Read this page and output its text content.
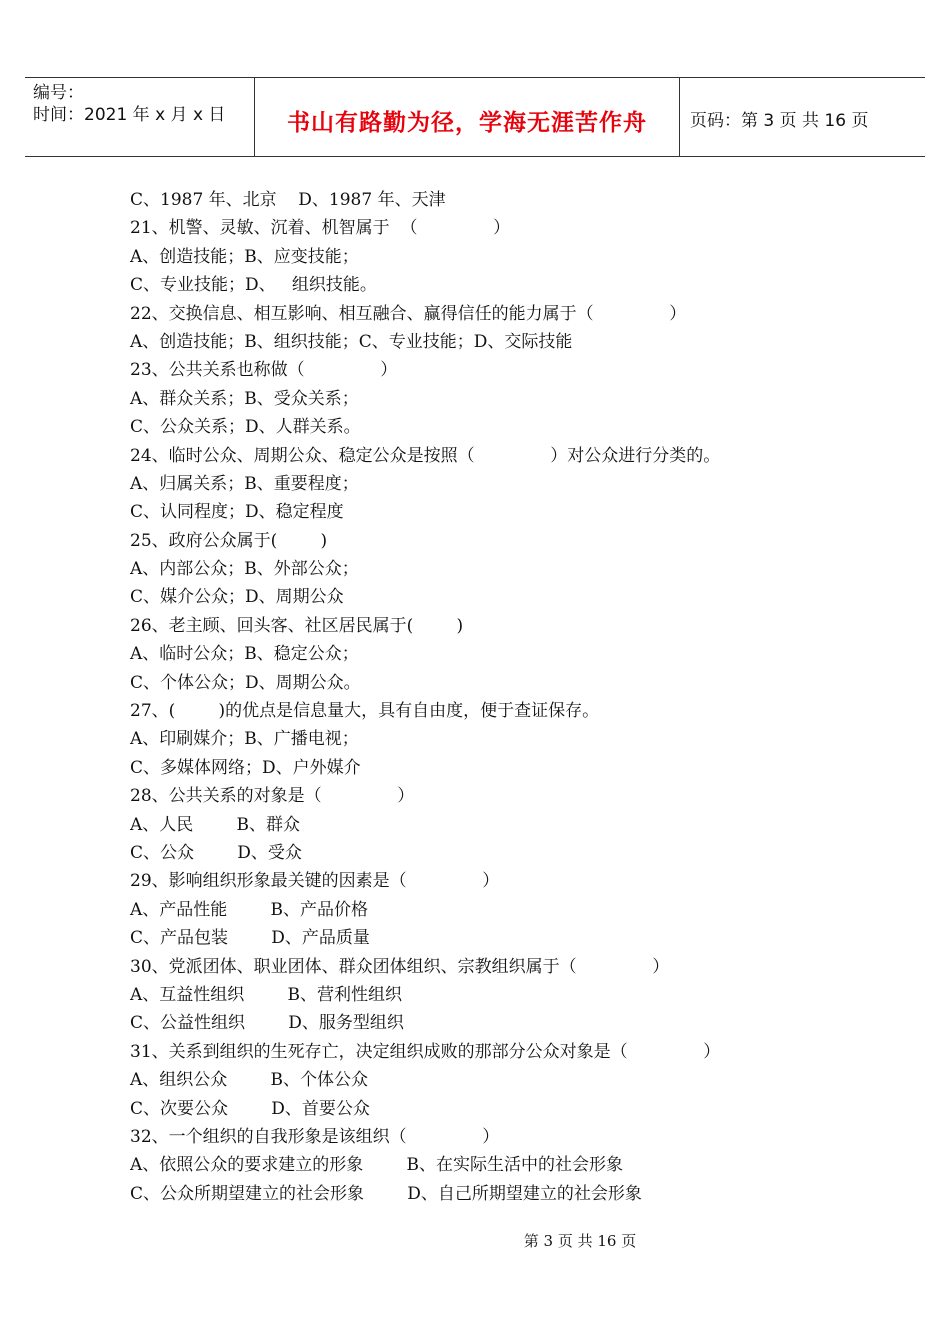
编号：
时间：2021 年 x 月 x 日	书山有路勤为径，学海无涯苦作舟	页码：第 3 页 共 16 页
C、1987 年、北京    D、1987 年、天津
21、机警、灵敏、沉着、机智属于  （              ）
A、创造技能；B、应变技能；
C、专业技能；D、   组织技能。
22、交换信息、相互影响、相互融合、赢得信任的能力属于（              ）
A、创造技能；B、组织技能；C、专业技能；D、交际技能
23、公共关系也称做（              ）
A、群众关系；B、受众关系；
C、公众关系；D、人群关系。
24、临时公众、周期公众、稳定公众是按照（              ）对公众进行分类的。
A、归属关系；B、重要程度；
C、认同程度；D、稳定程度
25、政府公众属于(        )
A、内部公众；B、外部公众；
C、媒介公众；D、周期公众
26、老主顾、回头客、社区居民属于(        )
A、临时公众；B、稳定公众；
C、个体公众；D、周期公众。
27、(        )的优点是信息量大，具有自由度，便于查证保存。
A、印刷媒介；B、广播电视；
C、多媒体网络；D、户外媒介
28、公共关系的对象是（              ）
A、人民        B、群众
C、公众        D、受众
29、影响组织形象最关键的因素是（              ）
A、产品性能        B、产品价格
C、产品包装        D、产品质量
30、党派团体、职业团体、群众团体组织、宗教组织属于（              ）
A、互益性组织        B、营利性组织
C、公益性组织        D、服务型组织
31、关系到组织的生死存亡，决定组织成败的那部分公众对象是（              ）
A、组织公众        B、个体公众
C、次要公众        D、首要公众
32、一个组织的自我形象是该组织（              ）
A、依照公众的要求建立的形象        B、在实际生活中的社会形象
C、公众所期望建立的社会形象        D、自己所期望建立的社会形象
第 3 页 共 16 页
